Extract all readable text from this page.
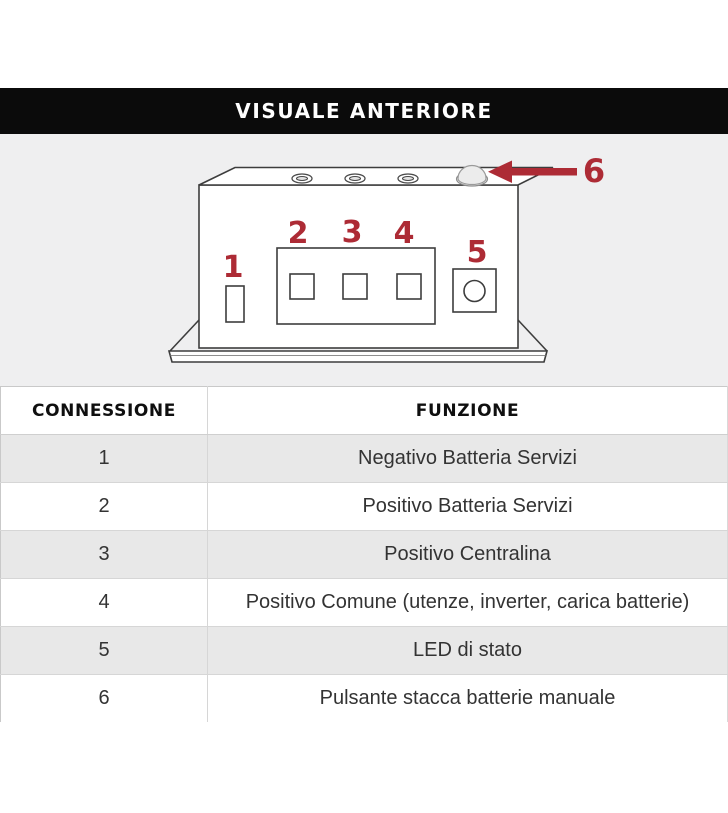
VISUALE ANTERIORE
1
2 3 4
5
6
CONNESSIONE	FUNZIONE
1	Negativo Batteria Servizi
2	Positivo Batteria Servizi
3	Positivo Centralina
4	Positivo Comune (utenze, inverter, carica batterie)
5	LED di stato
6	Pulsante stacca batterie manuale
